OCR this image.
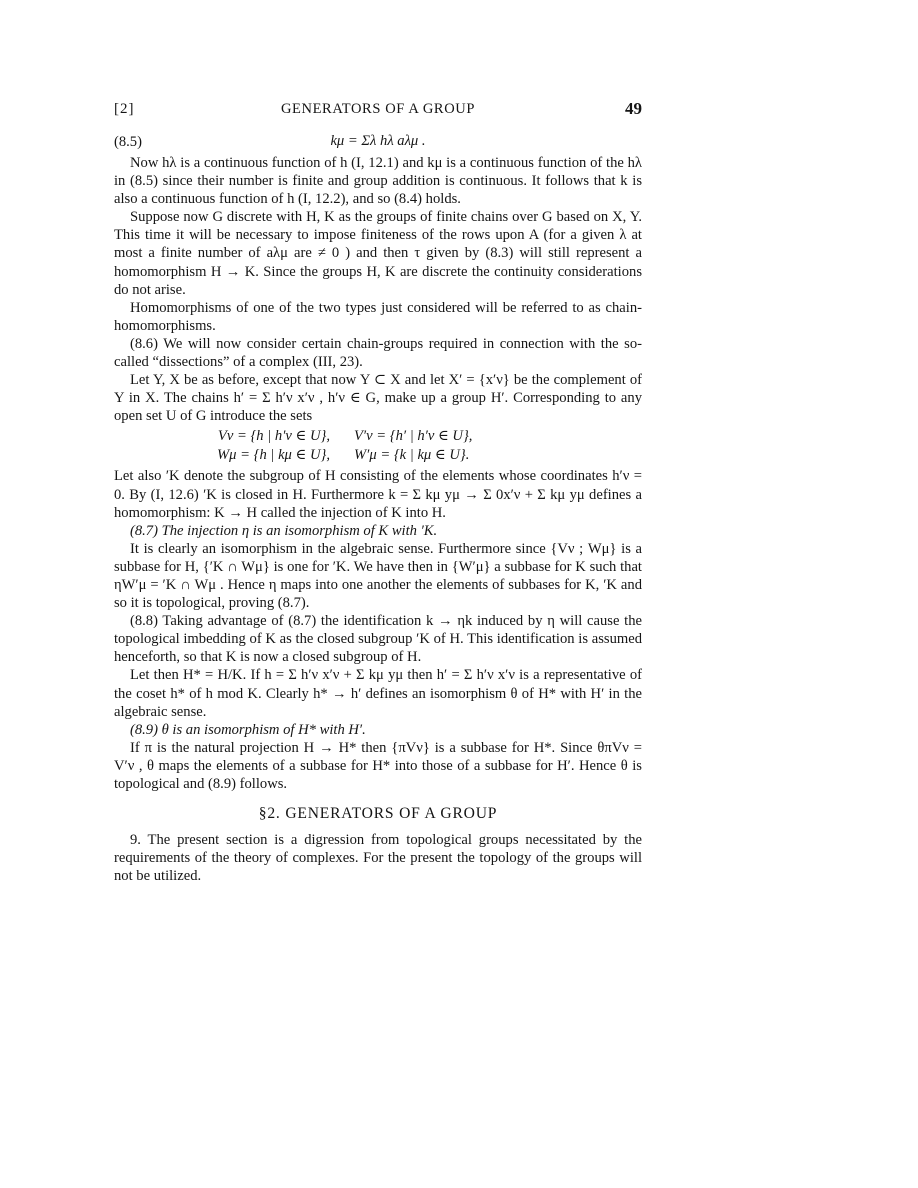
[2]	GENERATORS OF A GROUP	49
(8.5)	kμ = Σλ hλ aλμ .

Now hλ is a continuous function of h (I, 12.1) and kμ is a continuous function of the hλ in (8.5) since their number is finite and group addition is continuous. It follows that k is also a continuous function of h (I, 12.2), and so (8.4) holds.

Suppose now G discrete with H, K as the groups of finite chains over G based on X, Y. This time it will be necessary to impose finiteness of the rows upon A (for a given λ at most a finite number of aλμ are ≠ 0 ) and then τ given by (8.3) will still represent a homomorphism H → K. Since the groups H, K are discrete the continuity considerations do not arise.

Homomorphisms of one of the two types just considered will be referred to as chain-homomorphisms.

(8.6) We will now consider certain chain-groups required in connection with the so-called “dissections” of a complex (III, 23).

Let Y, X be as before, except that now Y ⊂ X and let X′ = {x′ν} be the complement of Y in X. The chains h′ = Σ h′ν x′ν , h′ν ∈ G, make up a group H′. Corresponding to any open set U of G introduce the sets

Vν = {h | h′ν ∈ U},	V′ν = {h′ | h′ν ∈ U},
Wμ = {h | kμ ∈ U},	W′μ = {k | kμ ∈ U}.

Let also ′K denote the subgroup of H consisting of the elements whose coordinates h′ν = 0. By (I, 12.6) ′K is closed in H. Furthermore k = Σ kμ yμ → Σ 0x′ν + Σ kμ yμ defines a homomorphism: K → H called the injection of K into H.

(8.7) The injection η is an isomorphism of K with ′K.

It is clearly an isomorphism in the algebraic sense. Furthermore since {Vν ; Wμ} is a subbase for H, {′K ∩ Wμ} is one for ′K. We have then in {W′μ} a subbase for K such that ηW′μ = ′K ∩ Wμ . Hence η maps into one another the elements of subbases for K, ′K and so it is topological, proving (8.7).

(8.8) Taking advantage of (8.7) the identification k → ηk induced by η will cause the topological imbedding of K as the closed subgroup ′K of H. This identification is assumed henceforth, so that K is now a closed subgroup of H.

Let then H* = H/K. If h = Σ h′ν x′ν + Σ kμ yμ then h′ = Σ h′ν x′ν is a representative of the coset h* of h mod K. Clearly h* → h′ defines an isomorphism θ of H* with H′ in the algebraic sense.

(8.9) θ is an isomorphism of H* with H′.

If π is the natural projection H → H* then {πVν} is a subbase for H*. Since θπVν = V′ν , θ maps the elements of a subbase for H* into those of a subbase for H′. Hence θ is topological and (8.9) follows.

§2. GENERATORS OF A GROUP

9. The present section is a digression from topological groups necessitated by the requirements of the theory of complexes. For the present the topology of the groups will not be utilized.
